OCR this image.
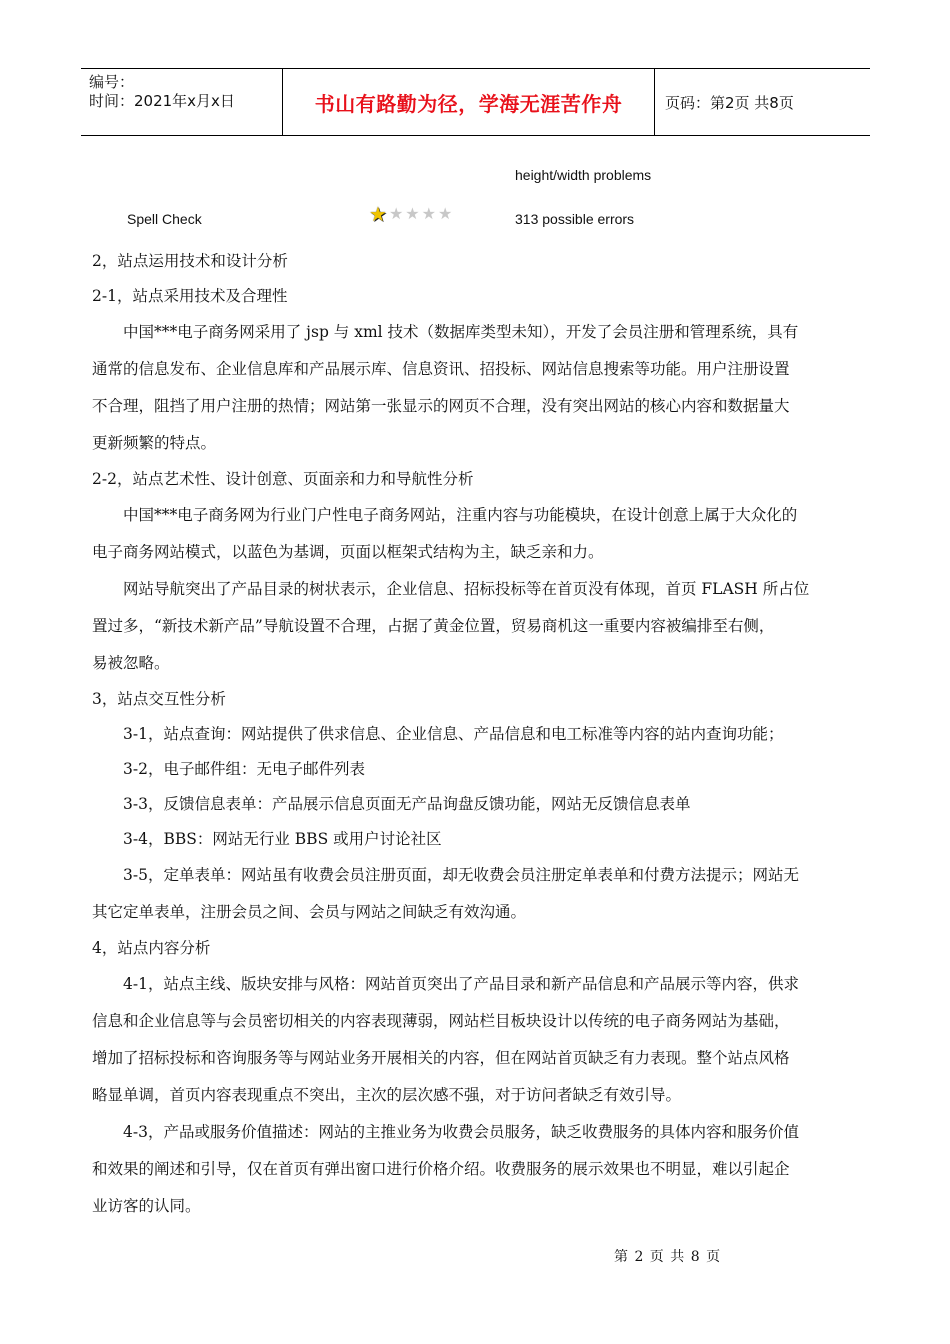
编号：
时间：2021年x月x日	书山有路勤为径，学海无涯苦作舟	页码：第2页 共8页
height/width problems
Spell Check	★ ★ ★ ★ ★	313 possible errors

2，站点运用技术和设计分析

2-1，站点采用技术及合理性

中国***电子商务网采用了 jsp 与 xml 技术（数据库类型未知），开发了会员注册和管理系统，具有

通常的信息发布、企业信息库和产品展示库、信息资讯、招投标、网站信息搜索等功能。用户注册设置

不合理，阻挡了用户注册的热情；网站第一张显示的网页不合理，没有突出网站的核心内容和数据量大

更新频繁的特点。

2-2，站点艺术性、设计创意、页面亲和力和导航性分析

中国***电子商务网为行业门户性电子商务网站，注重内容与功能模块，在设计创意上属于大众化的

电子商务网站模式，以蓝色为基调，页面以框架式结构为主，缺乏亲和力。

网站导航突出了产品目录的树状表示，企业信息、招标投标等在首页没有体现，首页 FLASH 所占位

置过多，“新技术新产品”导航设置不合理，占据了黄金位置，贸易商机这一重要内容被编排至右侧，

易被忽略。

3，站点交互性分析

3-1，站点查询：网站提供了供求信息、企业信息、产品信息和电工标准等内容的站内查询功能；

3-2，电子邮件组：无电子邮件列表

3-3，反馈信息表单：产品展示信息页面无产品询盘反馈功能，网站无反馈信息表单

3-4，BBS：网站无行业 BBS 或用户讨论社区

3-5，定单表单：网站虽有收费会员注册页面，却无收费会员注册定单表单和付费方法提示；网站无

其它定单表单，注册会员之间、会员与网站之间缺乏有效沟通。

4，站点内容分析

4-1，站点主线、版块安排与风格：网站首页突出了产品目录和新产品信息和产品展示等内容，供求

信息和企业信息等与会员密切相关的内容表现薄弱，网站栏目板块设计以传统的电子商务网站为基础，

增加了招标投标和咨询服务等与网站业务开展相关的内容，但在网站首页缺乏有力表现。整个站点风格

略显单调，首页内容表现重点不突出，主次的层次感不强，对于访问者缺乏有效引导。

4-3，产品或服务价值描述：网站的主推业务为收费会员服务，缺乏收费服务的具体内容和服务价值

和效果的阐述和引导，仅在首页有弹出窗口进行价格介绍。收费服务的展示效果也不明显，难以引起企

业访客的认同。

第 2 页 共 8 页
